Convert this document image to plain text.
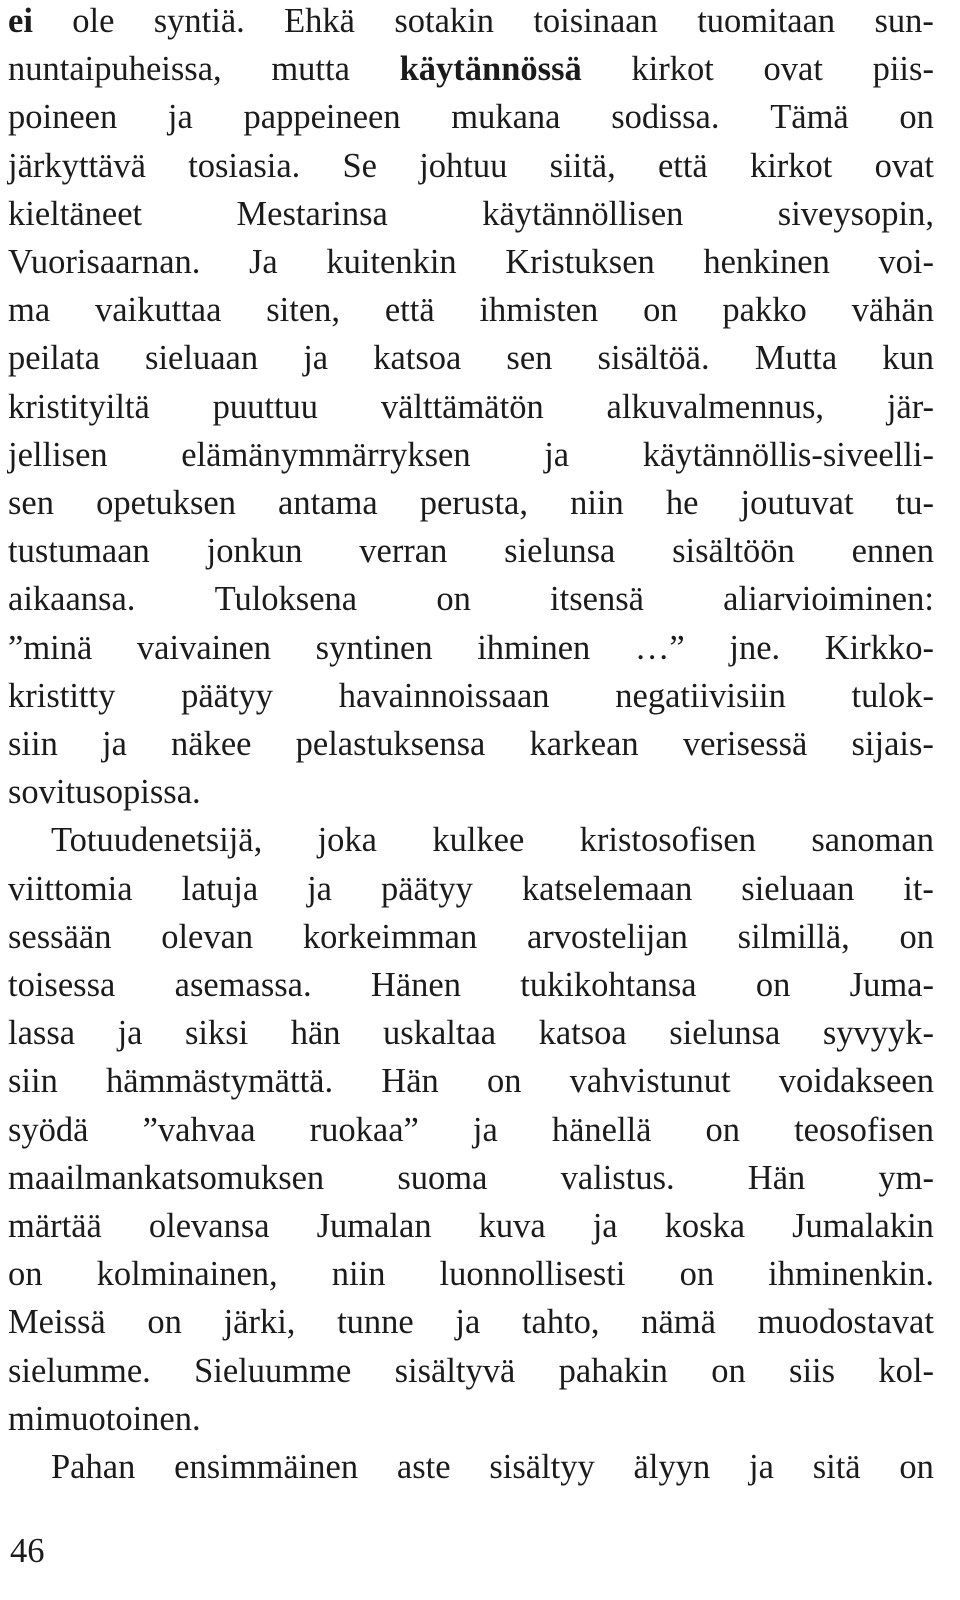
ei ole syntiä. Ehkä sotakin toisinaan tuomitaan sun-
nuntaipuheissa, mutta käytännössä kirkot ovat piis-
poineen ja pappeineen mukana sodissa. Tämä on
järkyttävä tosiasia. Se johtuu siitä, että kirkot ovat
kieltäneet	Mestarinsa	käytännöllisen	siveysopin,
Vuorisaarnan. Ja kuitenkin Kristuksen henkinen voi-
ma vaikuttaa siten, että ihmisten on pakko vähän
peilata sieluaan ja katsoa sen sisältöä. Mutta kun
kristityiltä puuttuu välttämätön alkuvalmennus, jär-
jellisen elämänymmärryksen ja käytännöllis-siveelli-
sen opetuksen antama perusta, niin he joutuvat tu-
tustumaan jonkun verran sielunsa sisältöön ennen
aikaansa. Tuloksena on itsensä aliarvioiminen:
”minä vaivainen syntinen ihminen …” jne. Kirkko-
kristitty päätyy havainnoissaan negatiivisiin tulok-
siin ja näkee pelastuksensa karkean verisessä sijais-
sovitusopissa.
Totuudenetsijä, joka kulkee kristosofisen sanoman
viittomia latuja ja päätyy katselemaan sieluaan it-
sessään olevan korkeimman arvostelijan silmillä, on
toisessa asemassa. Hänen tukikohtansa on Juma-
lassa ja siksi hän uskaltaa katsoa sielunsa syvyyk-
siin hämmästymättä. Hän on vahvistunut voidakseen
syödä ”vahvaa ruokaa” ja hänellä on teosofisen
maailmankatsomuksen suoma valistus. Hän ym-
märtää olevansa Jumalan kuva ja koska Jumalakin
on kolminainen, niin luonnollisesti on ihminenkin.
Meissä on järki, tunne ja tahto, nämä muodostavat
sielumme. Sieluumme sisältyvä pahakin on siis kol-
mimuotoinen.
Pahan ensimmäinen aste sisältyy älyyn ja sitä on
46
